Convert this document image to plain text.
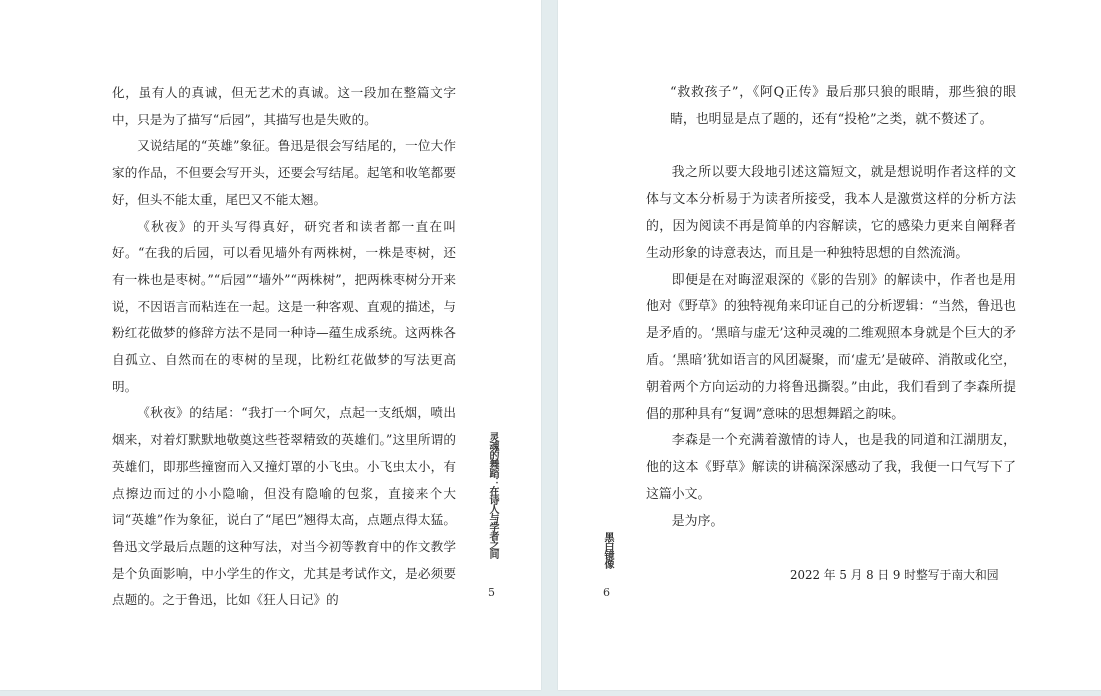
化，虽有人的真诚，但无艺术的真诚。这一段加在整篇文字中，只是为了描写“后园”，其描写也是失败的。

又说结尾的“英雄”象征。鲁迅是很会写结尾的，一位大作家的作品，不但要会写开头，还要会写结尾。起笔和收笔都要好，但头不能太重，尾巴又不能太翘。

《秋夜》的开头写得真好，研究者和读者都一直在叫好。“在我的后园，可以看见墙外有两株树，一株是枣树，还有一株也是枣树。”“后园”“墙外”“两株树”，把两株枣树分开来说，不因语言而粘连在一起。这是一种客观、直观的描述，与粉红花做梦的修辞方法不是同一种诗—蕴生成系统。这两株各自孤立、自然而在的枣树的呈现，比粉红花做梦的写法更高明。

《秋夜》的结尾：“我打一个呵欠，点起一支纸烟，喷出烟来，对着灯默默地敬奠这些苍翠精致的英雄们。”这里所谓的英雄们，即那些撞窗而入又撞灯罩的小飞虫。小飞虫太小，有点擦边而过的小小隐喻，但没有隐喻的包浆，直接来个大词“英雄”作为象征，说白了“尾巴”翘得太高，点题点得太猛。鲁迅文学最后点题的这种写法，对当今初等教育中的作文教学是个负面影响，中小学生的作文，尤其是考试作文，是必须要点题的。之于鲁迅，比如《狂人日记》的

灵魂的舞蹈：在诗人与学者之间
5

“救救孩子”，《阿Q正传》最后那只狼的眼睛，那些狼的眼睛，也明显是点了题的，还有“投枪”之类，就不赘述了。

我之所以要大段地引述这篇短文，就是想说明作者这样的文体与文本分析易于为读者所接受，我本人是激赏这样的分析方法的，因为阅读不再是简单的内容解读，它的感染力更来自阐释者生动形象的诗意表达，而且是一种独特思想的自然流淌。

即便是在对晦涩艰深的《影的告别》的解读中，作者也是用他对《野草》的独特视角来印证自己的分析逻辑：“当然，鲁迅也是矛盾的。‘黑暗与虚无’这种灵魂的二维观照本身就是个巨大的矛盾。‘黑暗’犹如语言的风团凝聚，而‘虚无’是破碎、消散或化空，朝着两个方向运动的力将鲁迅撕裂。”由此，我们看到了李森所提倡的那种具有“复调”意味的思想舞蹈之韵味。

李森是一个充满着激情的诗人，也是我的同道和江湖朋友，他的这本《野草》解读的讲稿深深感动了我，我便一口气写下了这篇小文。

是为序。

2022 年 5 月 8 日 9 时整写于南大和园

黑白镜像
6
